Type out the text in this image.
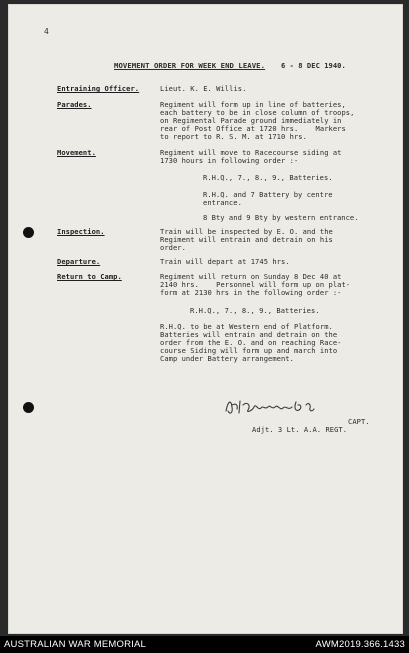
4

MOVEMENT ORDER FOR WEEK END LEAVE. 6 - 8 DEC 1940.

Entraining Officer.	Lieut. K. E. Willis.

Parades.	Regiment will form up in line of batteries,

each battery to be in close column of troops,

on Regimental Parade ground immediately in

rear of Post Office at 1720 hrs.    Markers

to report to R. S. M. at 1710 hrs.

Movement.	Regiment will move to Racecourse siding at

1730 hours in following order :-

R.H.Q., 7., 8., 9., Batteries.

R.H.Q. and 7 Battery by centre

entrance.

8 Bty and 9 Bty by western entrance.

Inspection.	Train will be inspected by E. O. and the

Regiment will entrain and detrain on his

order.

Departure.	Train will depart at 1745 hrs.

Return to Camp.	Regiment will return on Sunday 8 Dec 40 at

2140 hrs.    Personnel will form up on plat-

form at 2130 hrs in the following order :-

R.H.Q., 7., 8., 9., Batteries.

R.H.Q. to be at Western end of Platform.

Batteries will entrain and detrain on the

order from the E. O. and on reaching Race-

course Siding will form up and march into

Camp under Battery arrangement.

CAPT.

Adjt. 3 Lt. A.A. REGT.

AUSTRALIAN WAR MEMORIAL	AWM2019.366.1433
